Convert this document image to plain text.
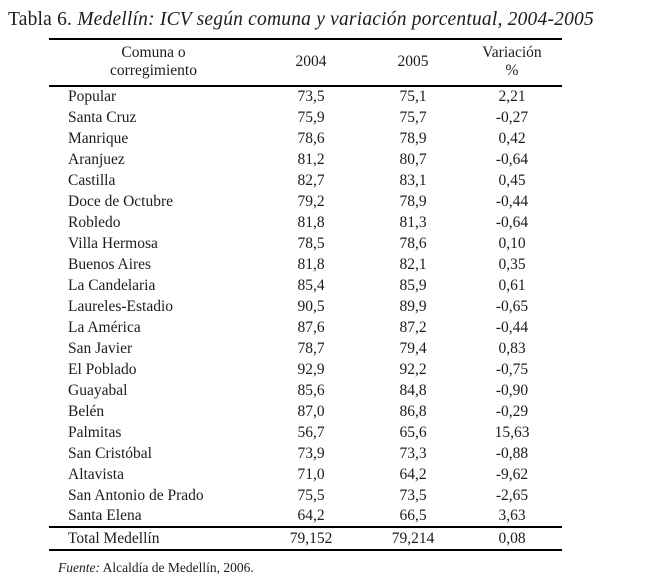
Tabla 6. Medellín: ICV según comuna y variación porcentual, 2004-2005
Comuna o
corregimiento	2004	2005	Variación
%

Popular	73,5	75,1	2,21
Santa Cruz	75,9	75,7	-0,27
Manrique	78,6	78,9	0,42
Aranjuez	81,2	80,7	-0,64
Castilla	82,7	83,1	0,45
Doce de Octubre	79,2	78,9	-0,44
Robledo	81,8	81,3	-0,64
Villa Hermosa	78,5	78,6	0,10
Buenos Aires	81,8	82,1	0,35
La Candelaria	85,4	85,9	0,61
Laureles-Estadio	90,5	89,9	-0,65
La América	87,6	87,2	-0,44
San Javier	78,7	79,4	0,83
El Poblado	92,9	92,2	-0,75
Guayabal	85,6	84,8	-0,90
Belén	87,0	86,8	-0,29
Palmitas	56,7	65,6	15,63
San Cristóbal	73,9	73,3	-0,88
Altavista	71,0	64,2	-9,62
San Antonio de Prado	75,5	73,5	-2,65
Santa Elena	64,2	66,5	3,63
Total Medellín	79,152	79,214	0,08
Fuente: Alcaldía de Medellín, 2006.
